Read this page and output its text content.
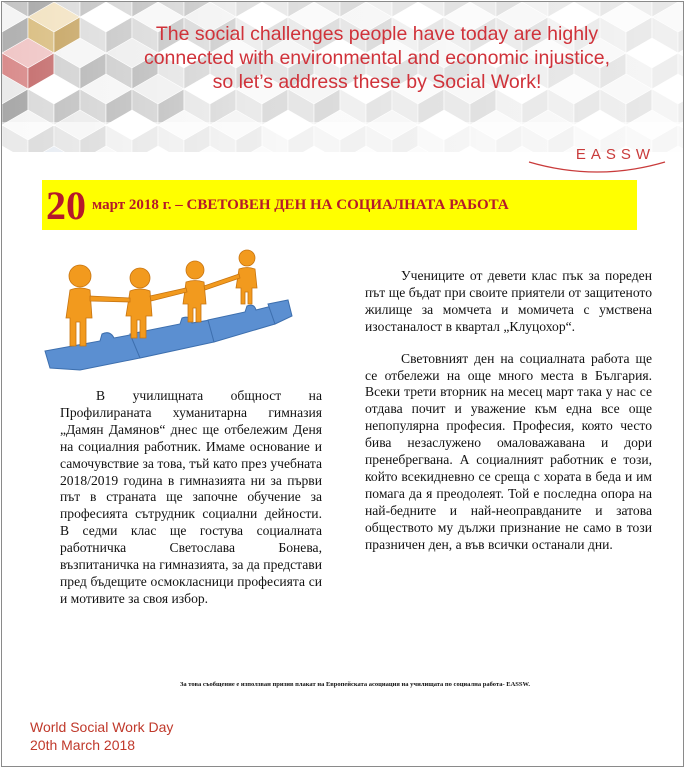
The social challenges people have today are highly
connected with environmental and economic injustice,
so let’s address these by Social Work!
EASSW
20 март 2018 г. – СВЕТОВЕН ДЕН НА СОЦИАЛНАТА РАБОТА

В училищната общност на Профилираната хуманитарна гимназия „Дамян Дамянов“ днес ще отбележим Деня на социалния работник. Имаме основание и самочувствие за това, тъй като през учебната 2018/2019 година в гимназията ни за първи път в страната ще започне обучение за професията сътрудник социални дейности. В седми клас ще гостува социалната работничка Светослава Бонева, възпитаничка на гимназията, за да представи пред бъдещите осмокласници професията си и мотивите за своя избор.

Учениците от девети клас пък за пореден път ще бъдат при своите приятели от защитеното жилище за момчета и момичета с умствена изостаналост в квартал „Клуцохор“.

Световният ден на социалната работа ще се отбележи на още много места в България. Всеки трети вторник на месец март така у нас се отдава почит и уважение към една все още непопулярна професия. Професия, която често бива незаслужено омаловажавана и дори пренебрегвана. А социалният работник е този, който всекидневно се среща с хората в беда и им помага да я преодолеят. Той е последна опора на най-бедните и най-неоправданите и затова обществото му дължи признание не само в този празничен ден, а във всички останали дни.

За това съобщение е използван призив плакат на Европейската асоциация на училищата по социална работа- EASSW.
World Social Work Day
20th March 2018
